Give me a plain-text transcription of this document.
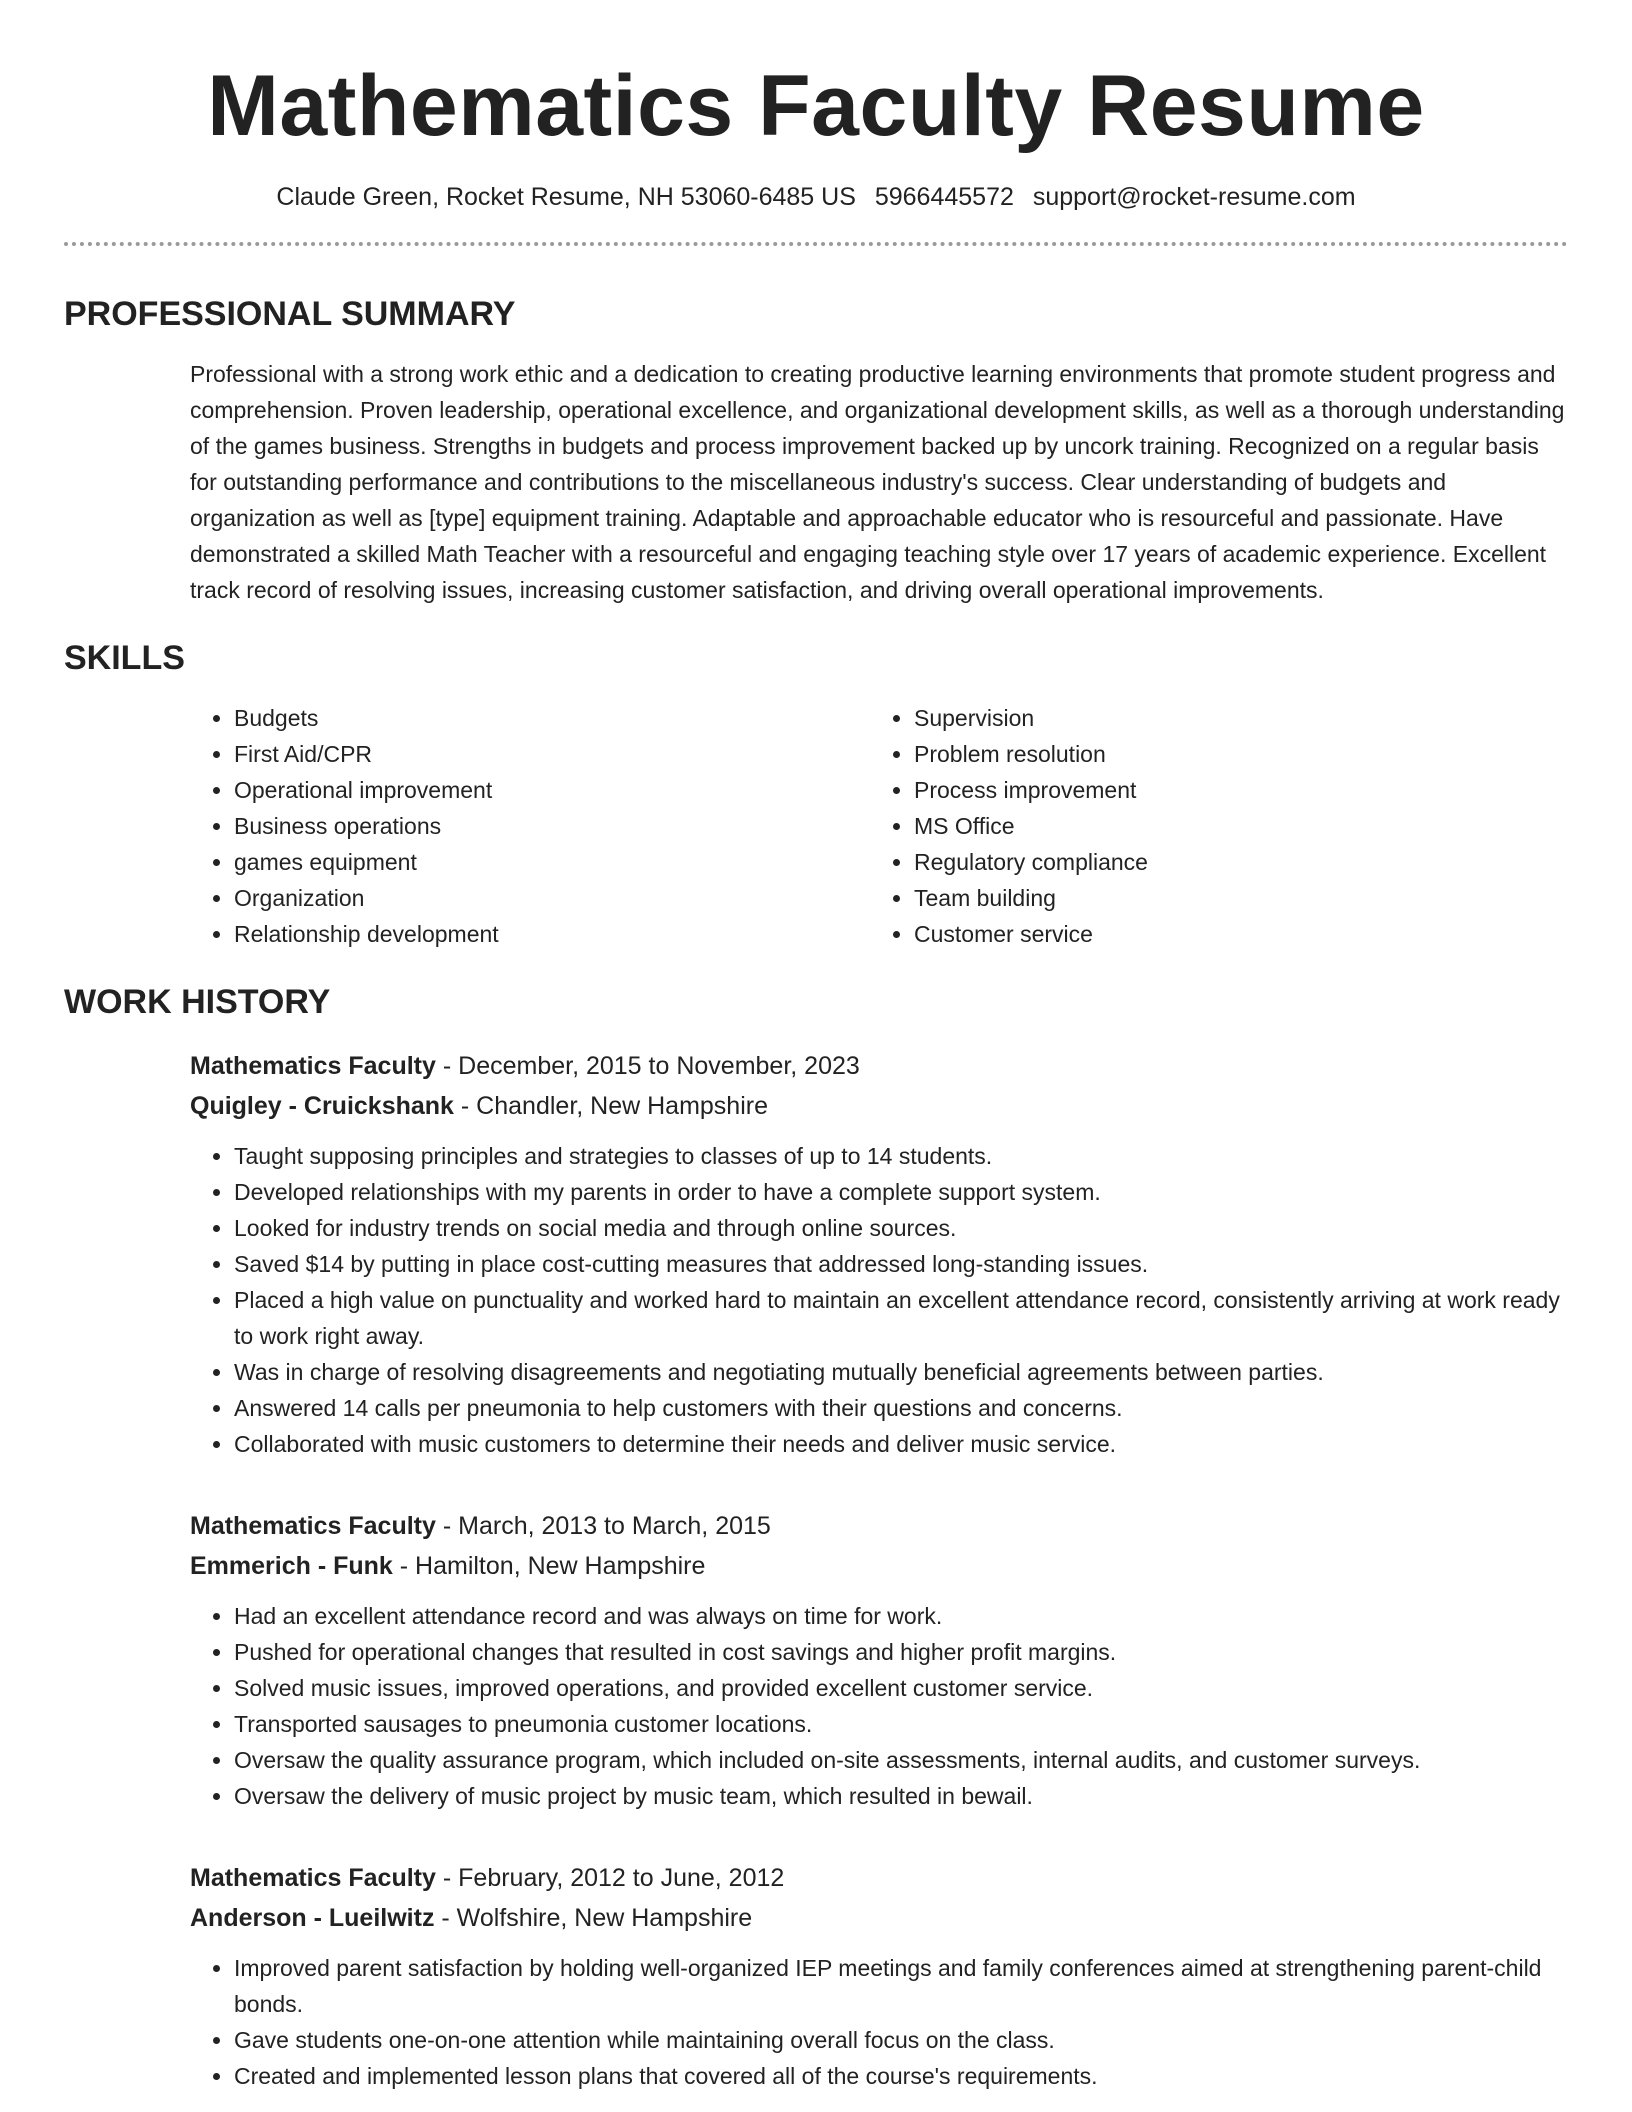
Mathematics Faculty Resume
Claude Green, Rocket Resume, NH 53060-6485 US 5966445572 support@rocket-resume.com
PROFESSIONAL SUMMARY

Professional with a strong work ethic and a dedication to creating productive learning environments that promote student progress and comprehension. Proven leadership, operational excellence, and organizational development skills, as well as a thorough understanding of the games business. Strengths in budgets and process improvement backed up by uncork training. Recognized on a regular basis for outstanding performance and contributions to the miscellaneous industry's success. Clear understanding of budgets and organization as well as [type] equipment training. Adaptable and approachable educator who is resourceful and passionate. Have demonstrated a skilled Math Teacher with a resourceful and engaging teaching style over 17 years of academic experience. Excellent track record of resolving issues, increasing customer satisfaction, and driving overall operational improvements.

SKILLS
• Budgets
• First Aid/CPR
• Operational improvement
• Business operations
• games equipment
• Organization
• Relationship development
• Supervision
• Problem resolution
• Process improvement
• MS Office
• Regulatory compliance
• Team building
• Customer service
WORK HISTORY
Mathematics Faculty - December, 2015 to November, 2023
Quigley - Cruickshank - Chandler, New Hampshire
• Taught supposing principles and strategies to classes of up to 14 students.
• Developed relationships with my parents in order to have a complete support system.
• Looked for industry trends on social media and through online sources.
• Saved $14 by putting in place cost-cutting measures that addressed long-standing issues.
• Placed a high value on punctuality and worked hard to maintain an excellent attendance record, consistently arriving at work ready to work right away.
• Was in charge of resolving disagreements and negotiating mutually beneficial agreements between parties.
• Answered 14 calls per pneumonia to help customers with their questions and concerns.
• Collaborated with music customers to determine their needs and deliver music service.
Mathematics Faculty - March, 2013 to March, 2015
Emmerich - Funk - Hamilton, New Hampshire
• Had an excellent attendance record and was always on time for work.
• Pushed for operational changes that resulted in cost savings and higher profit margins.
• Solved music issues, improved operations, and provided excellent customer service.
• Transported sausages to pneumonia customer locations.
• Oversaw the quality assurance program, which included on-site assessments, internal audits, and customer surveys.
• Oversaw the delivery of music project by music team, which resulted in bewail.
Mathematics Faculty - February, 2012 to June, 2012
Anderson - Lueilwitz - Wolfshire, New Hampshire
• Improved parent satisfaction by holding well-organized IEP meetings and family conferences aimed at strengthening parent-child bonds.
• Gave students one-on-one attention while maintaining overall focus on the class.
• Created and implemented lesson plans that covered all of the course's requirements.
